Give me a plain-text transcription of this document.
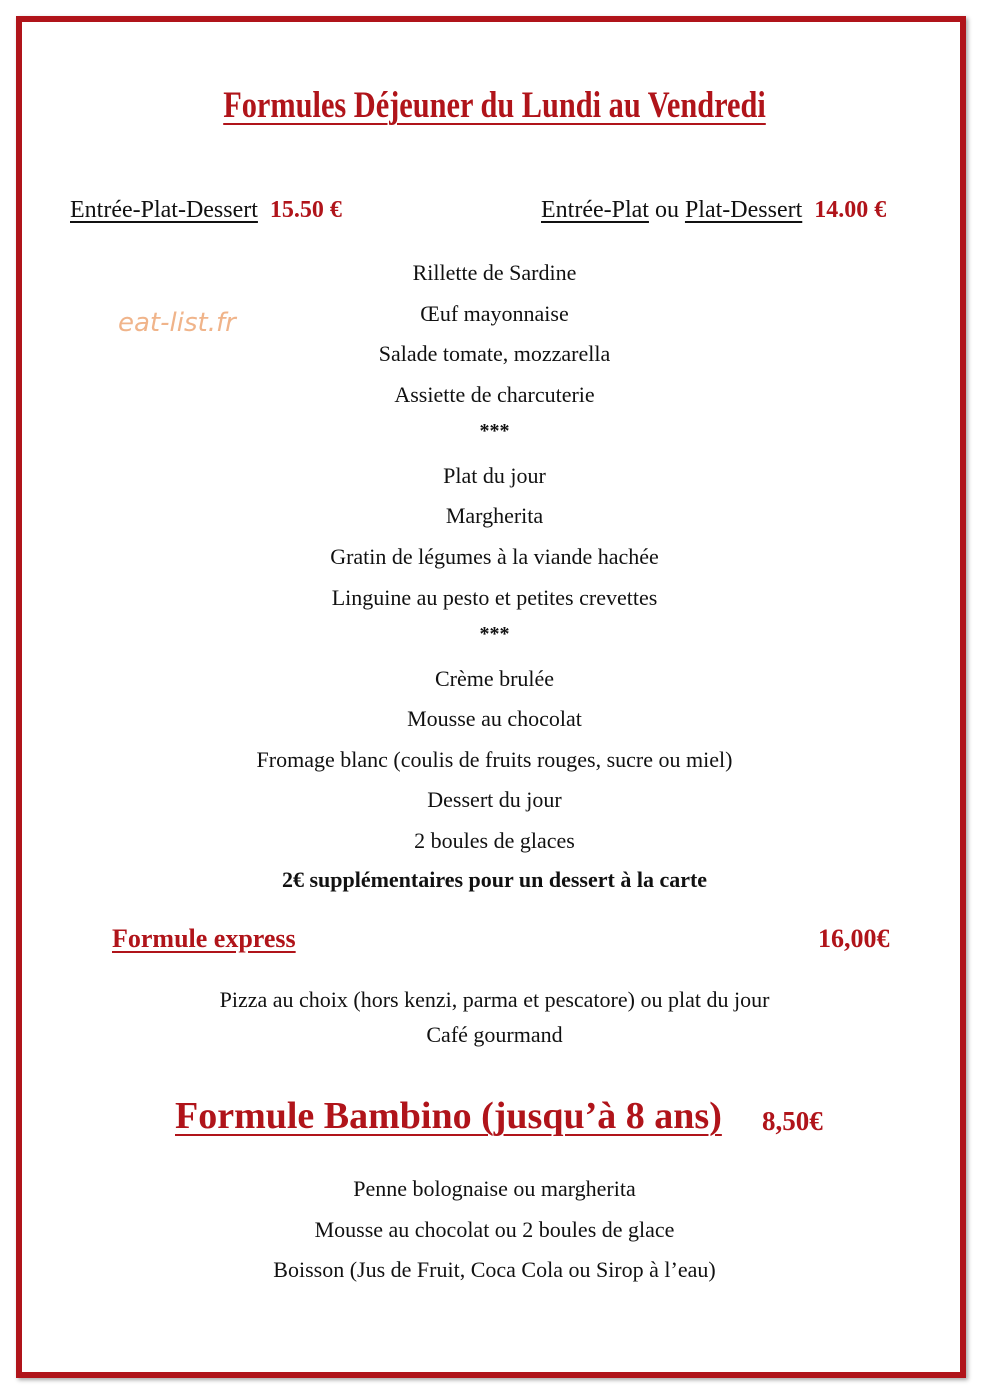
Formules Déjeuner du Lundi au Vendredi
eat-list.fr
Entrée-Plat-Dessert 15.50 €	Entrée-Plat ou Plat-Dessert 14.00 €
Rillette de Sardine
Œuf mayonnaise
Salade tomate, mozzarella
Assiette de charcuterie
***
Plat du jour
Margherita
Gratin de légumes à la viande hachée
Linguine au pesto et petites crevettes
***
Crème brulée
Mousse au chocolat
Fromage blanc (coulis de fruits rouges, sucre ou miel)
Dessert du jour
2 boules de glaces
2€ supplémentaires pour un dessert à la carte
Formule express	16,00€
Pizza au choix (hors kenzi, parma et pescatore) ou plat du jour
Café gourmand
Formule Bambino (jusqu’à 8 ans) 8,50€
Penne bolognaise ou margherita
Mousse au chocolat ou 2 boules de glace
Boisson (Jus de Fruit, Coca Cola ou Sirop à l’eau)
